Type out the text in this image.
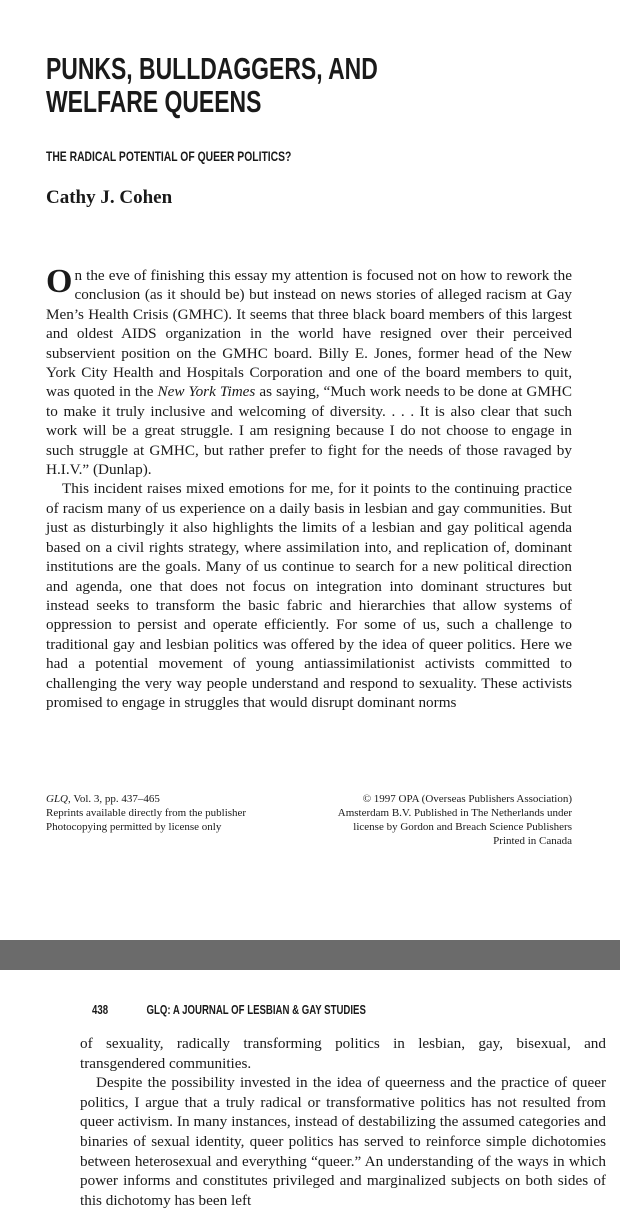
PUNKS, BULLDAGGERS, AND
WELFARE QUEENS
THE RADICAL POTENTIAL OF QUEER POLITICS?
Cathy J. Cohen

On the eve of finishing this essay my attention is focused not on how to rework the conclusion (as it should be) but instead on news stories of alleged racism at Gay Men’s Health Crisis (GMHC). It seems that three black board members of this largest and oldest AIDS organization in the world have resigned over their perceived subservient position on the GMHC board. Billy E. Jones, former head of the New York City Health and Hospitals Corporation and one of the board members to quit, was quoted in the New York Times as saying, “Much work needs to be done at GMHC to make it truly inclusive and welcoming of diversity. . . . It is also clear that such work will be a great struggle. I am resigning because I do not choose to engage in such struggle at GMHC, but rather prefer to fight for the needs of those ravaged by H.I.V.” (Dunlap).

This incident raises mixed emotions for me, for it points to the continuing practice of racism many of us experience on a daily basis in lesbian and gay communities. But just as disturbingly it also highlights the limits of a lesbian and gay political agenda based on a civil rights strategy, where assimilation into, and replication of, dominant institutions are the goals. Many of us continue to search for a new political direction and agenda, one that does not focus on integration into dominant structures but instead seeks to transform the basic fabric and hierarchies that allow systems of oppression to persist and operate efficiently. For some of us, such a challenge to traditional gay and lesbian politics was offered by the idea of queer politics. Here we had a potential movement of young antiassimilationist activists committed to challenging the very way people understand and respond to sexuality. These activists promised to engage in struggles that would disrupt dominant norms

GLQ, Vol. 3, pp. 437–465
Reprints available directly from the publisher
Photocopying permitted by license only
© 1997 OPA (Overseas Publishers Association)
Amsterdam B.V. Published in The Netherlands under
license by Gordon and Breach Science Publishers
Printed in Canada
438	GLQ: A JOURNAL OF LESBIAN & GAY STUDIES

of sexuality, radically transforming politics in lesbian, gay, bisexual, and transgendered communities.

Despite the possibility invested in the idea of queerness and the practice of queer politics, I argue that a truly radical or transformative politics has not resulted from queer activism. In many instances, instead of destabilizing the assumed categories and binaries of sexual identity, queer politics has served to reinforce simple dichotomies between heterosexual and everything “queer.” An understanding of the ways in which power informs and constitutes privileged and marginalized subjects on both sides of this dichotomy has been left
